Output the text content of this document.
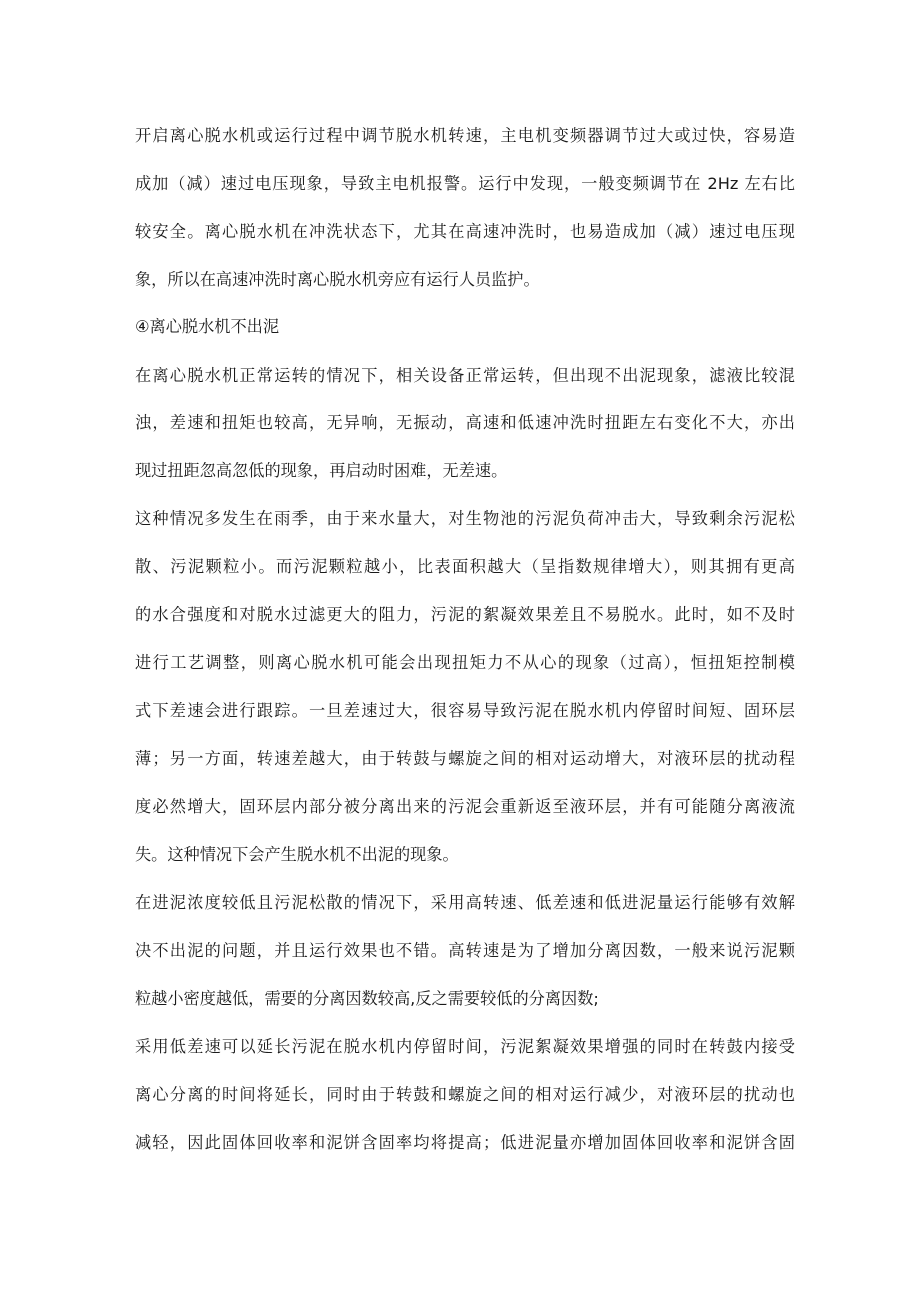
开启离心脱水机或运行过程中调节脱水机转速，主电机变频器调节过大或过快，容易造

成加（减）速过电压现象，导致主电机报警。运行中发现，一般变频调节在 2Hz 左右比

较安全。离心脱水机在冲洗状态下，尤其在高速冲洗时，也易造成加（减）速过电压现

象，所以在高速冲洗时离心脱水机旁应有运行人员监护。

④离心脱水机不出泥

在离心脱水机正常运转的情况下，相关设备正常运转，但出现不出泥现象，滤液比较混

浊，差速和扭矩也较高，无异响，无振动，高速和低速冲洗时扭距左右变化不大，亦出

现过扭距忽高忽低的现象，再启动时困难，无差速。

这种情况多发生在雨季，由于来水量大，对生物池的污泥负荷冲击大，导致剩余污泥松

散、污泥颗粒小。而污泥颗粒越小，比表面积越大（呈指数规律增大），则其拥有更高

的水合强度和对脱水过滤更大的阻力，污泥的絮凝效果差且不易脱水。此时，如不及时

进行工艺调整，则离心脱水机可能会出现扭矩力不从心的现象（过高），恒扭矩控制模

式下差速会进行跟踪。一旦差速过大，很容易导致污泥在脱水机内停留时间短、固环层

薄；另一方面，转速差越大，由于转鼓与螺旋之间的相对运动增大，对液环层的扰动程

度必然增大，固环层内部分被分离出来的污泥会重新返至液环层，并有可能随分离液流

失。这种情况下会产生脱水机不出泥的现象。

在进泥浓度较低且污泥松散的情况下，采用高转速、低差速和低进泥量运行能够有效解

决不出泥的问题，并且运行效果也不错。高转速是为了增加分离因数，一般来说污泥颗

粒越小密度越低，需要的分离因数较高,反之需要较低的分离因数;

采用低差速可以延长污泥在脱水机内停留时间，污泥絮凝效果增强的同时在转鼓内接受

离心分离的时间将延长，同时由于转鼓和螺旋之间的相对运行减少，对液环层的扰动也

减轻，因此固体回收率和泥饼含固率均将提高；低进泥量亦增加固体回收率和泥饼含固
